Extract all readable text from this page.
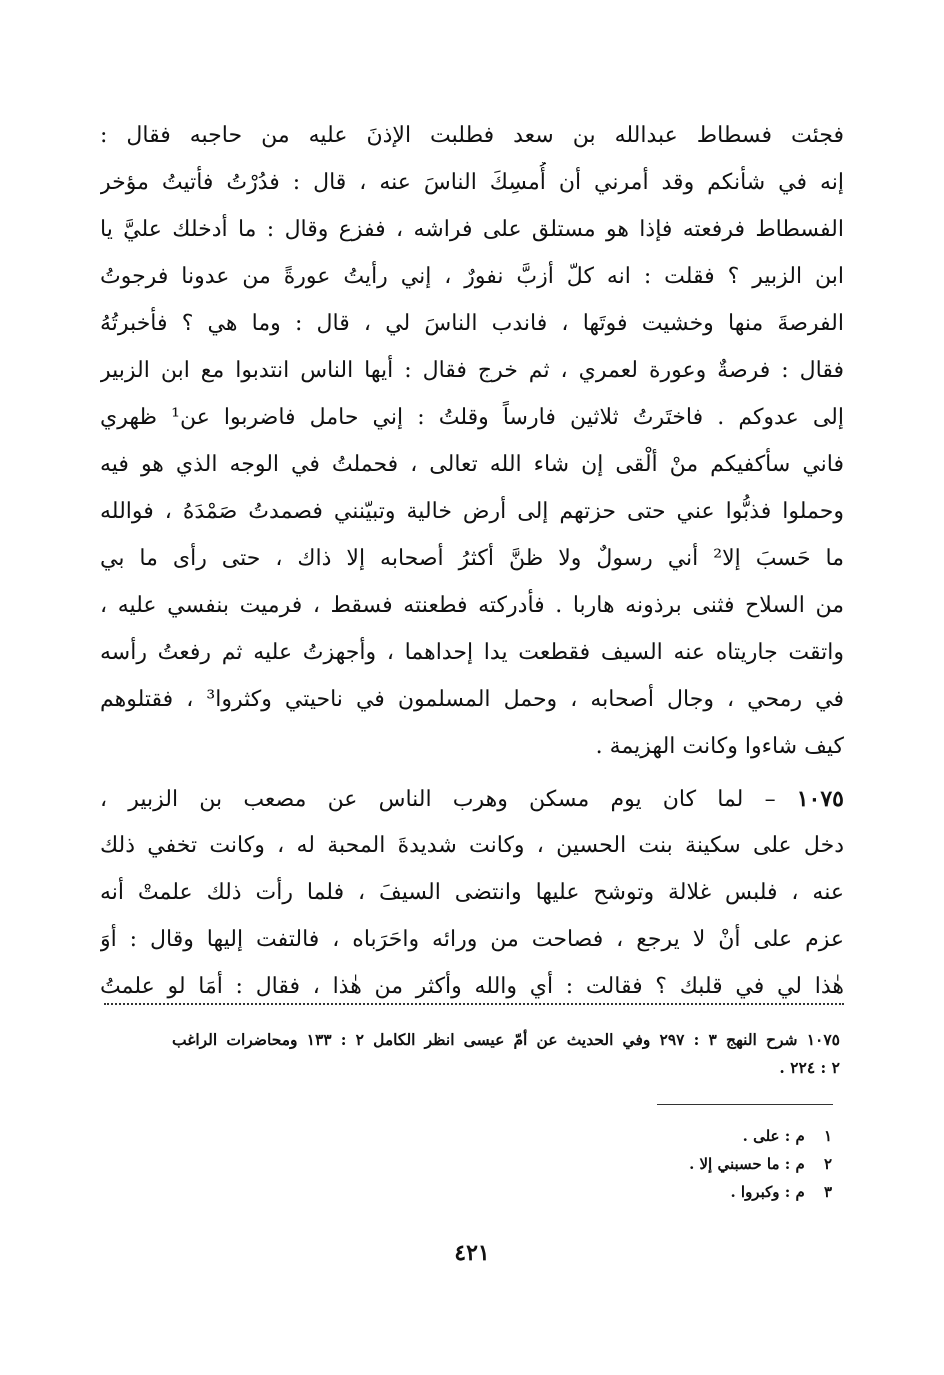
فجئت فسطاط عبدالله بن سعد فطلبت الإذنَ عليه من حاجبه فقال :
إنه في شأنكم وقد أمرني أن أُمسِكَ الناسَ عنه ، قال : فدُرْتُ فأتيتُ مؤخر
الفسطاط فرفعته فإذا هو مستلق على فراشه ، ففزع وقال : ما أدخلك عليَّ يا
ابن الزبير ؟ فقلت : انه كلّ أزبَّ نفورٌ ، إني رأيتُ عورةً من عدونا فرجوتُ
الفرصةَ منها وخشيت فوتَها ، فاندب الناسَ لي ، قال : وما هي ؟ فأخبرتُهُ
فقال : فرصةٌ وعورة لعمري ، ثم خرج فقال : أيها الناس انتدبوا مع ابن الزبير
إلى عدوكم . فاختَرتُ ثلاثين فارساً وقلتُ : إني حامل فاضربوا عن¹ ظهري
فاني سأكفيكم منْ ألْقى إن شاء الله تعالى ، فحملتُ في الوجه الذي هو فيه
وحملوا فذبُّوا عني حتى حزتهم إلى أرض خالية وتبيّنني فصمدتُ صَمْدَهُ ، فوالله
ما حَسبَ إلا² أني رسولٌ ولا ظنَّ أكثرُ أصحابه إلا ذاك ، حتى رأى ما بي
من السلاح فثنى برذونه هاربا . فأدركته فطعنته فسقط ، فرميت بنفسي عليه ،
واتقت جاريتاه عنه السيف فقطعت يدا إحداهما ، وأجهزتُ عليه ثم رفعتُ رأسه
في رمحي ، وجال أصحابه ، وحمل المسلمون في ناحيتي وكثروا³ ، فقتلوهم
كيف شاءوا وكانت الهزيمة .
١٠٧٥ – لما كان يوم مسكن وهرب الناس عن مصعب بن الزبير ،
دخل على سكينة بنت الحسين ، وكانت شديدةَ المحبة له ، وكانت تخفي ذلك
عنه ، فلبس غلالة وتوشح عليها وانتضى السيفَ ، فلما رأت ذلك علمتْ أنه
عزم على أنْ لا يرجع ، فصاحت من ورائه واحَرَباه ، فالتفت إليها وقال : أوَ
هٰذا لي في قلبك ؟ فقالت : أي والله وأكثر من هٰذا ، فقال : أمَا لو علمتُ
١٠٧٥ شرح النهج ٣ : ٢٩٧ وفي الحديث عن أمّ عيسى انظر الكامل ٢ : ١٣٣ ومحاضرات الراغب
٢ : ٢٢٤ .
١ م : على .
٢ م : ما حسبني إلا .
٣ م : وكبروا .
٤٢١
